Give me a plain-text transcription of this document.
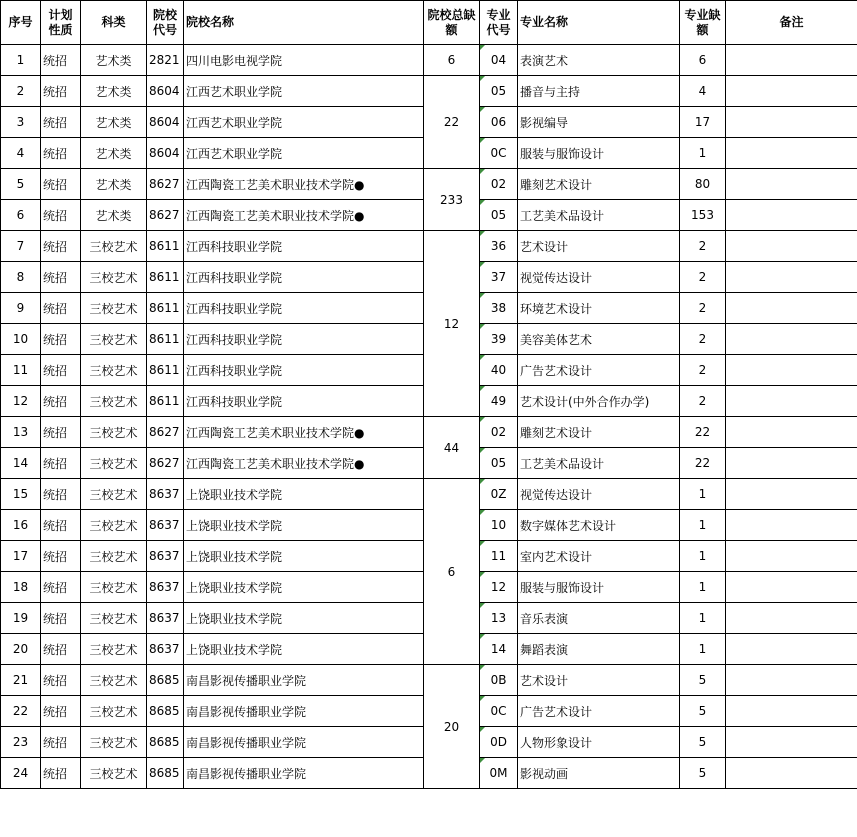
序号	计划性质	科类	院校代号	院校名称	院校总缺额	专业代号	专业名称	专业缺额	备注
1	统招	艺术类	2821	四川电影电视学院	6	04	表演艺术	6	
2	统招	艺术类	8604	江西艺术职业学院	22	05	播音与主持	4	
3	统招	艺术类	8604	江西艺术职业学院		06	影视编导	17	
4	统招	艺术类	8604	江西艺术职业学院		0C	服装与服饰设计	1	
5	统招	艺术类	8627	江西陶瓷工艺美术职业技术学院●	233	02	雕刻艺术设计	80	
6	统招	艺术类	8627	江西陶瓷工艺美术职业技术学院●		05	工艺美术品设计	153	
7	统招	三校艺术	8611	江西科技职业学院	12	36	艺术设计	2	
8	统招	三校艺术	8611	江西科技职业学院		37	视觉传达设计	2	
9	统招	三校艺术	8611	江西科技职业学院		38	环境艺术设计	2	
10	统招	三校艺术	8611	江西科技职业学院		39	美容美体艺术	2	
11	统招	三校艺术	8611	江西科技职业学院		40	广告艺术设计	2	
12	统招	三校艺术	8611	江西科技职业学院		49	艺术设计(中外合作办学)	2	
13	统招	三校艺术	8627	江西陶瓷工艺美术职业技术学院●	44	02	雕刻艺术设计	22	
14	统招	三校艺术	8627	江西陶瓷工艺美术职业技术学院●		05	工艺美术品设计	22	
15	统招	三校艺术	8637	上饶职业技术学院	6	0Z	视觉传达设计	1	
16	统招	三校艺术	8637	上饶职业技术学院		10	数字媒体艺术设计	1	
17	统招	三校艺术	8637	上饶职业技术学院		11	室内艺术设计	1	
18	统招	三校艺术	8637	上饶职业技术学院		12	服装与服饰设计	1	
19	统招	三校艺术	8637	上饶职业技术学院		13	音乐表演	1	
20	统招	三校艺术	8637	上饶职业技术学院		14	舞蹈表演	1	
21	统招	三校艺术	8685	南昌影视传播职业学院	20	0B	艺术设计	5	
22	统招	三校艺术	8685	南昌影视传播职业学院		0C	广告艺术设计	5	
23	统招	三校艺术	8685	南昌影视传播职业学院		0D	人物形象设计	5	
24	统招	三校艺术	8685	南昌影视传播职业学院		0M	影视动画	5	
